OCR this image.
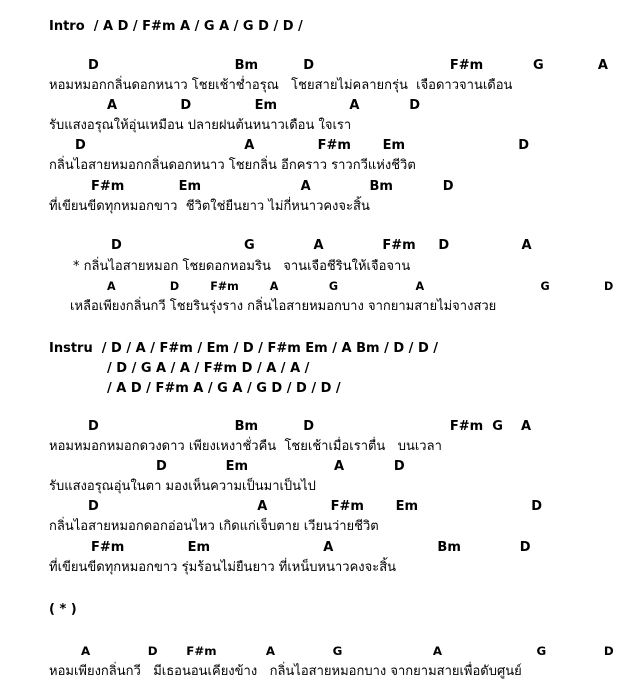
Intro / A D / F#m A / G A / G D / D /
D                              Bm          D                              F#m           G            A
หอมหมอกกลิ่นดอกหนาว โชยเช้าช่ำอรุณ   โชยสายไม่คลายกรุ่น  เจือดาวจานเดือน
A              D              Em                A           D
รับแสงอรุณให้อุ่นเหมือน ปลายฝนต้นหนาวเดือน ใจเรา
D                                   A              F#m       Em                         D
กลิ่นไอสายหมอกกลิ่นดอกหนาว โชยกลิ่น อีกคราว ราวกวีแห่งชีวิต
F#m            Em                      A             Bm           D
ที่เขียนขีดทุกหมอกขาว  ชีวิตใช่ยืนยาว ไม่กี่หนาวคงจะสิ้น
D                           G             A             F#m     D                A
* กลิ่นไอสายหมอก โชยดอกหอมริน   จานเจือชีรินให้เจือจาน
A              D        F#m        A             G                    A                              G              D
เหลือเพียงกลิ่นกวี โชยรินรุ่งราง กลิ่นไอสายหมอกบาง จากยามสายไม่จางสวย
Instru / D / A / F#m / Em / D / F#m Em / A Bm / D / D /
/ D / G A / A / F#m D / A / A /
/ A D / F#m A / G A / G D / D / D /
D                              Bm          D                              F#m  G    A
หอมหมอกหมอกดวงดาว เพียงเหงาชั่วคืน  โชยเช้าเมื่อเราตื่น   บนเวลา
D             Em                   A           D
รับแสงอรุณอุ่นในตา มองเห็นความเป็นมาเป็นไป
D                                   A              F#m       Em                         D
กลิ่นไอสายหมอกดอกอ่อนไหว เกิดแก่เจ็บตาย เวียนว่ายชีวิต
F#m              Em                         A                       Bm             D
ที่เขียนขีดทุกหมอกขาว รุ่มร้อนไม่ยืนยาว ที่เหน็บหนาวคงจะสิ้น
( * )
A              D       F#m            A              G                      A                       G              D
หอมเพียงกลิ่นกวี   มีเธอนอนเคียงข้าง   กลิ่นไอสายหมอกบาง จากยามสายเพื่อดับศูนย์
